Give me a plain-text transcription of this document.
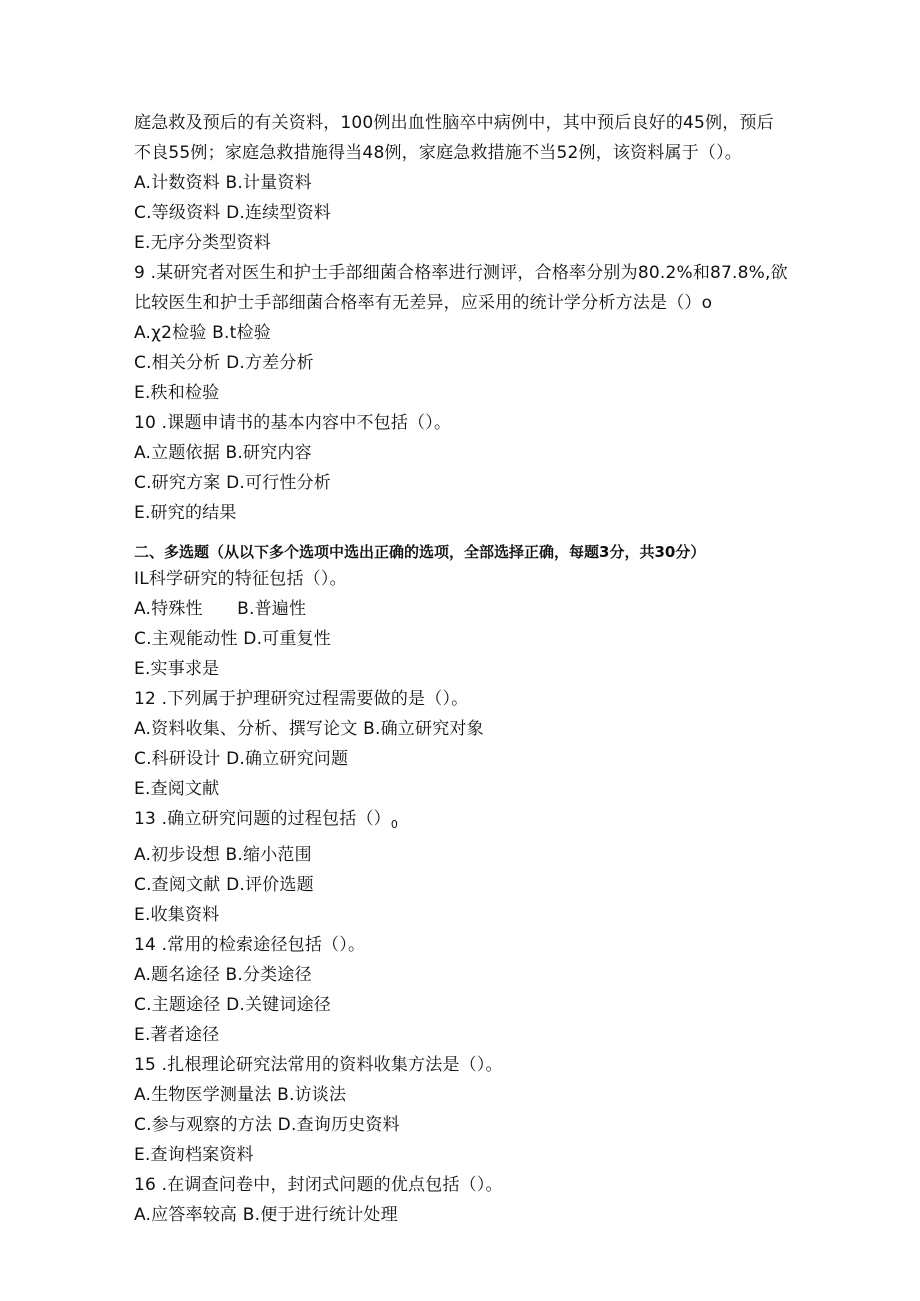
庭急救及预后的有关资料，100例出血性脑卒中病例中，其中预后良好的45例，预后
不良55例；家庭急救措施得当48例，家庭急救措施不当52例，该资料属于（）。
A.计数资料 B.计量资料
C.等级资料 D.连续型资料
E.无序分类型资料
9 .某研究者对医生和护士手部细菌合格率进行测评，合格率分别为80.2%和87.8%,欲
比较医生和护士手部细菌合格率有无差异，应采用的统计学分析方法是（）o
A.χ2检验 B.t检验
C.相关分析 D.方差分析
E.秩和检验
10 .课题申请书的基本内容中不包括（）。
A.立题依据 B.研究内容
C.研究方案 D.可行性分析
E.研究的结果
二、多选题（从以下多个选项中选出正确的选项，全部选择正确，每题3分，共30分）
IL科学研究的特征包括（）。
A.特殊性　　B.普遍性
C.主观能动性 D.可重复性
E.实事求是
12 .下列属于护理研究过程需要做的是（）。
A.资料收集、分析、撰写论文 B.确立研究对象
C.科研设计 D.确立研究问题
E.查阅文献
13 .确立研究问题的过程包括$()_0$
A.初步设想 B.缩小范围
C.查阅文献 D.评价选题
E.收集资料
14 .常用的检索途径包括（）。
A.题名途径 B.分类途径
C.主题途径 D.关键词途径
E.著者途径
15 .扎根理论研究法常用的资料收集方法是（）。
A.生物医学测量法 B.访谈法
C.参与观察的方法 D.查询历史资料
E.查询档案资料
16 .在调查问卷中，封闭式问题的优点包括（）。
A.应答率较高 B.便于进行统计处理
